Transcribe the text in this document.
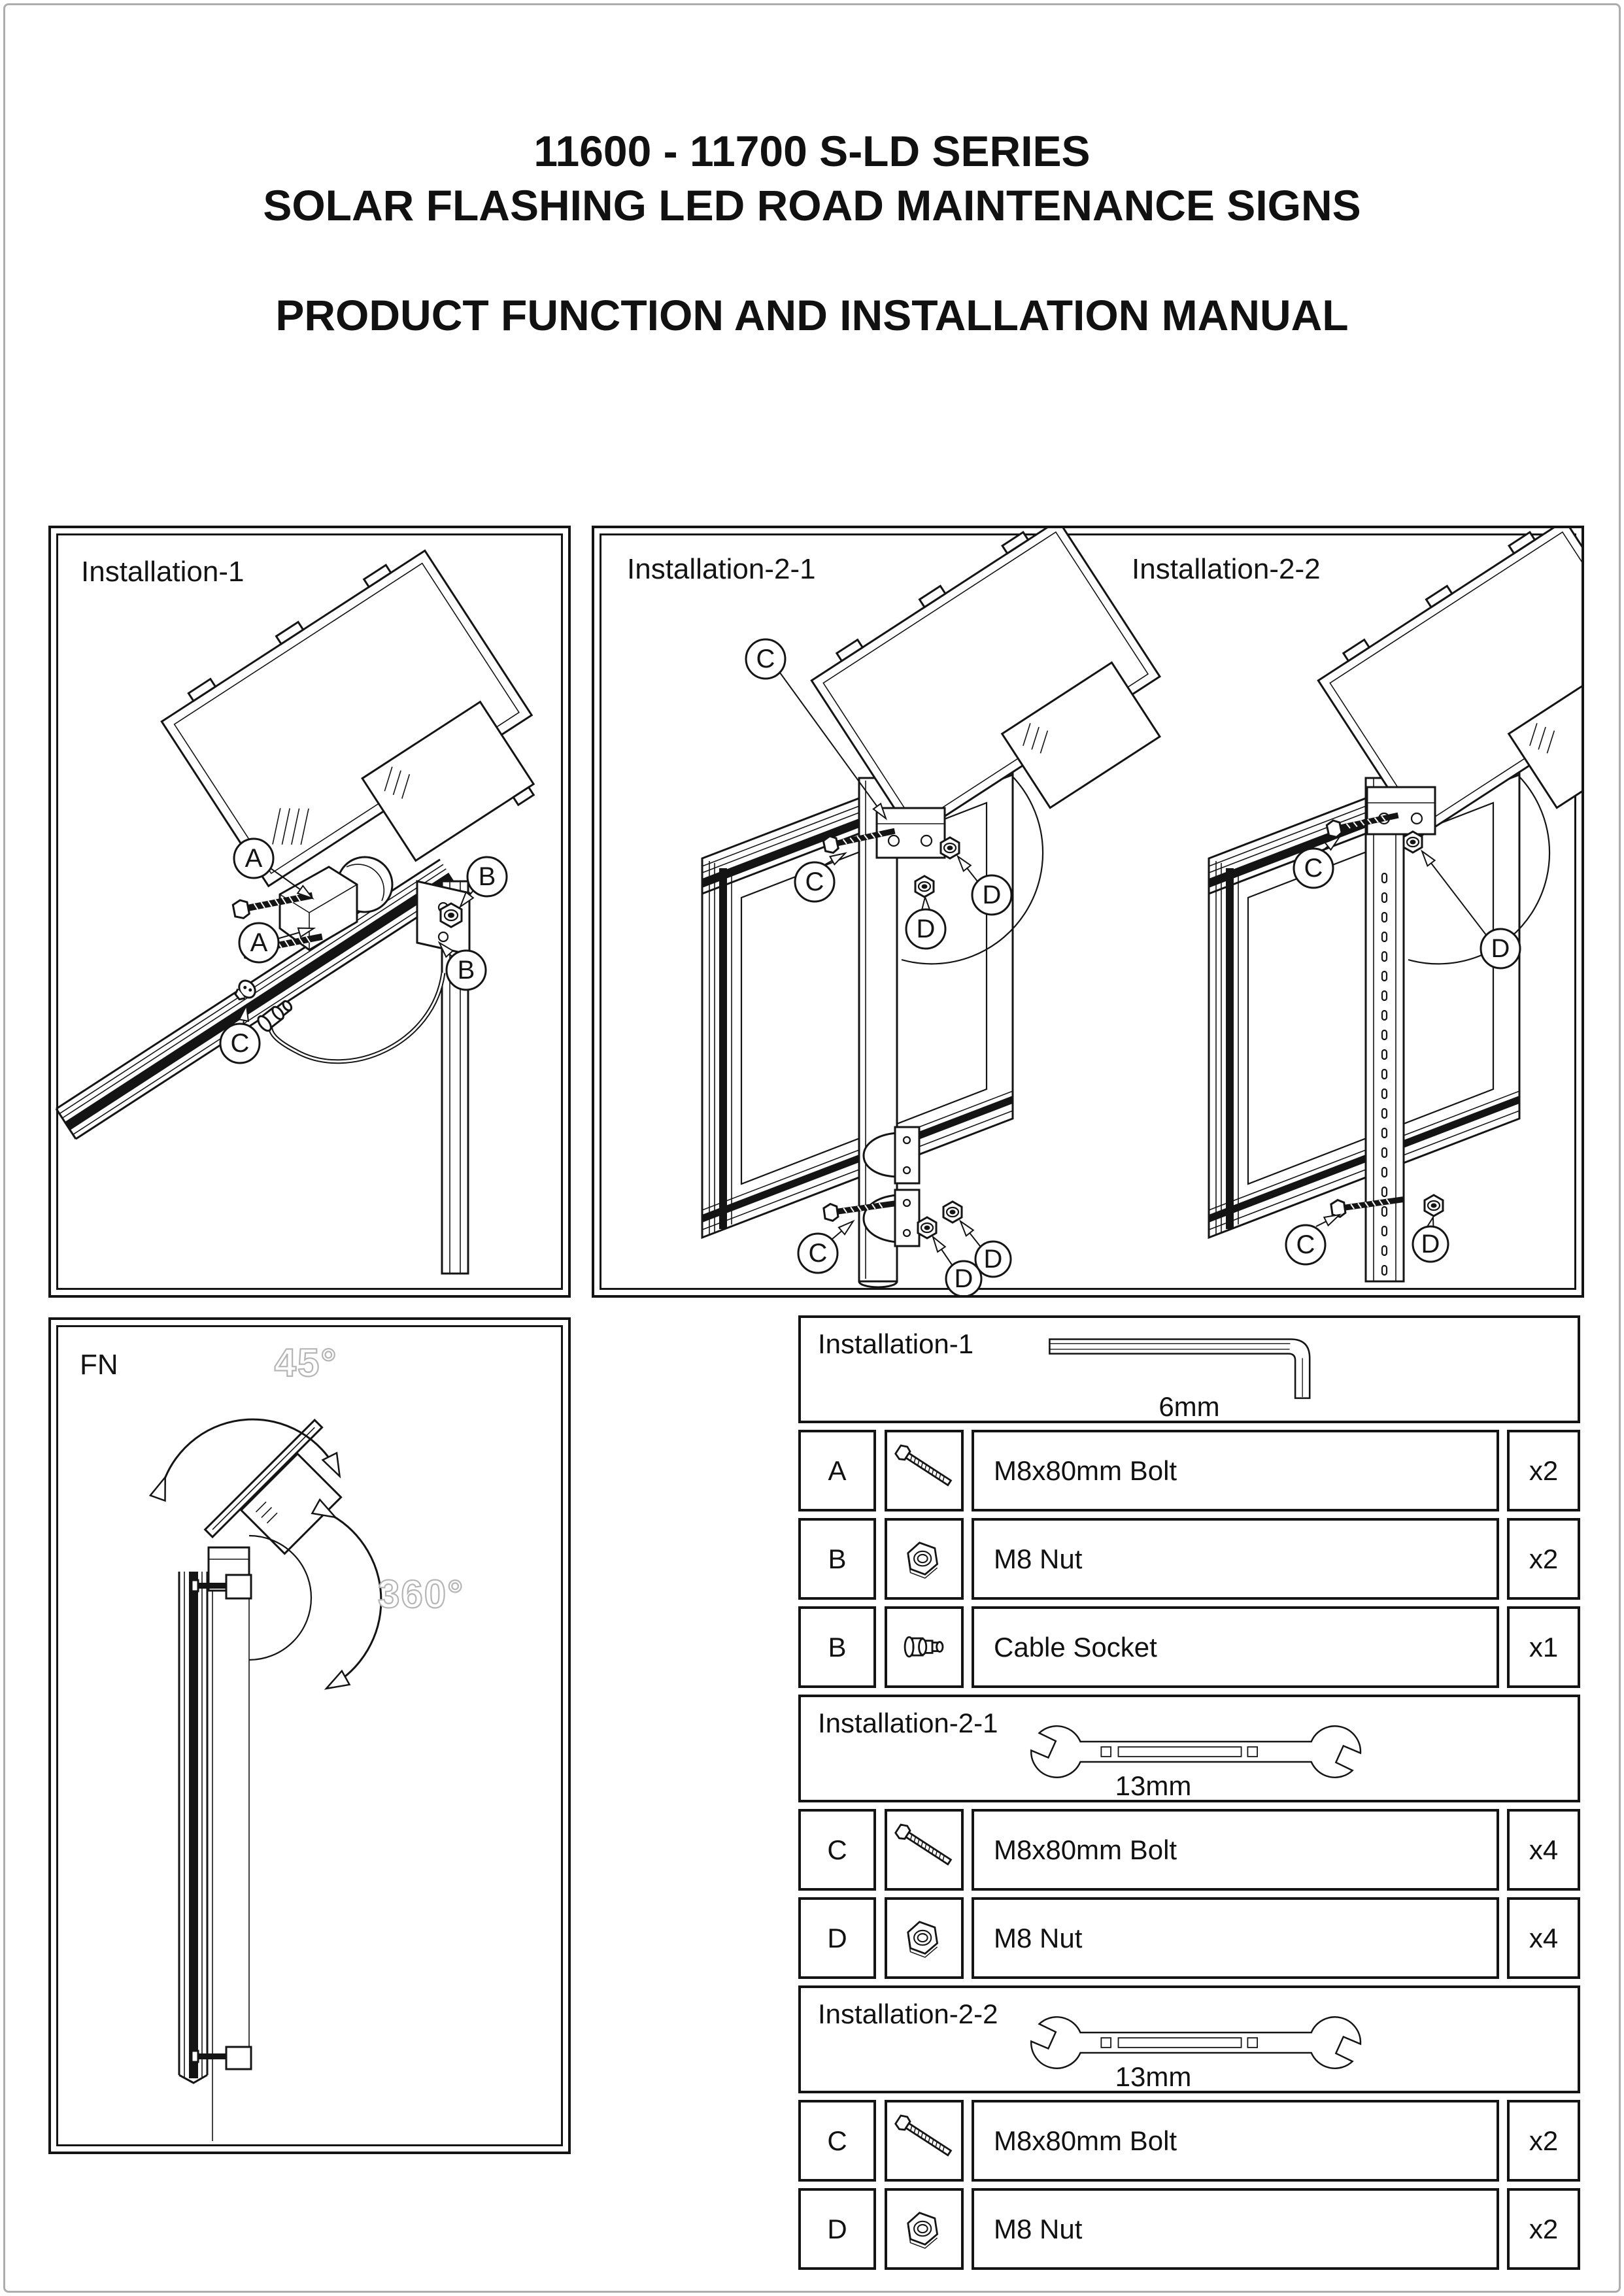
11600 - 11700 S-LD SERIES
SOLAR FLASHING LED ROAD MAINTENANCE SIGNS
PRODUCT FUNCTION AND INSTALLATION MANUAL
Installation-1
A
A
B
B
C
Installation-2-1	Installation-2-2
C
C	D
D
C
D
D
C
D
C	D
FN	45°
360°
Installation-1
6mm
A	M8x80mm Bolt	x2
B	M8 Nut	x2
B	Cable Socket	x1
Installation-2-1
13mm
C	M8x80mm Bolt	x4
D	M8 Nut	x4
Installation-2-2
13mm
C	M8x80mm Bolt	x2
D	M8 Nut	x2
